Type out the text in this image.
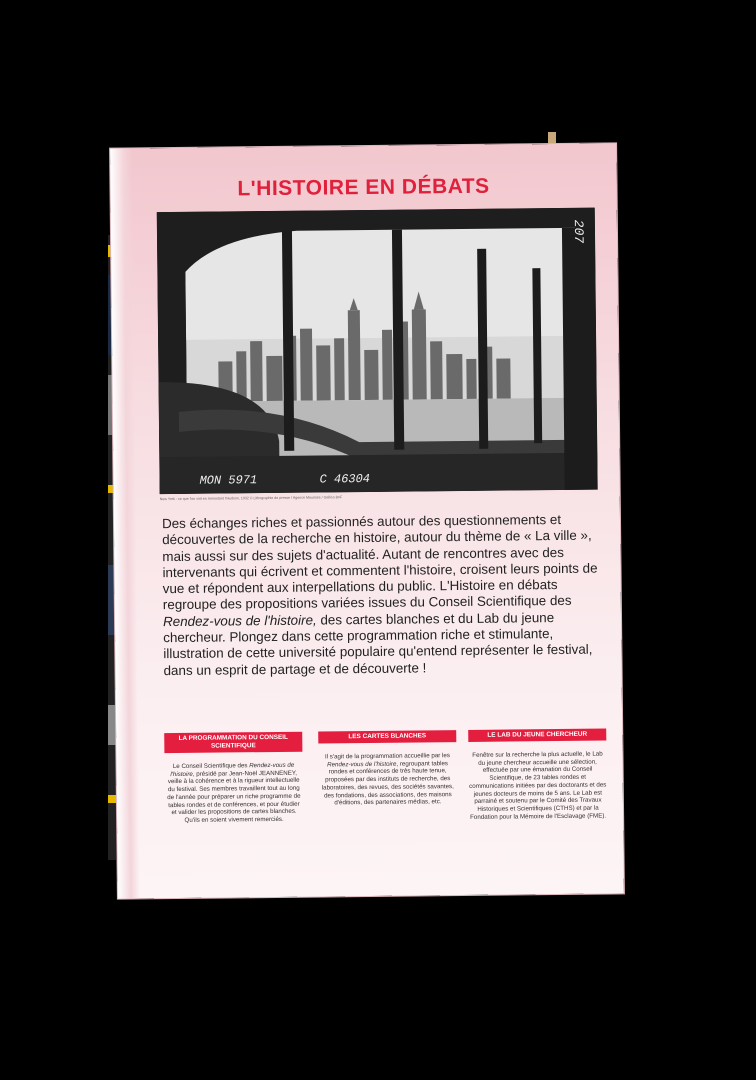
L'HISTOIRE EN DÉBATS
MON 5971	C 46304
207
New York : ce que l'on voit en remontant l'Hudson, 1932 © Lithographie de presse / Agence Meurisse / Gallica BnF
Des échanges riches et passionnés autour des questionnements et découvertes de la recherche en histoire, autour du thème de « La ville », mais aussi sur des sujets d'actualité. Autant de rencontres avec des intervenants qui écrivent et commentent l'histoire, croisent leurs points de vue et répondent aux interpellations du public. L'Histoire en débats regroupe des propositions variées issues du Conseil Scientifique des Rendez-vous de l'histoire, des cartes blanches et du Lab du jeune chercheur. Plongez dans cette programmation riche et stimulante, illustration de cette université populaire qu'entend représenter le festival, dans un esprit de partage et de découverte !
LA PROGRAMMATION DU CONSEIL SCIENTIFIQUE
Le Conseil Scientifique des Rendez-vous de l'histoire, présidé par Jean-Noël JEANNENEY, veille à la cohérence et à la rigueur intellectuelle du festival. Ses membres travaillent tout au long de l'année pour préparer un riche programme de tables rondes et de conférences, et pour étudier et valider les propositions de cartes blanches. Qu'ils en soient vivement remerciés.
LES CARTES BLANCHES
Il s'agit de la programmation accueillie par les Rendez-vous de l'histoire, regroupant tables rondes et conférences de très haute tenue, proposées par des instituts de recherche, des laboratoires, des revues, des sociétés savantes, des fondations, des associations, des maisons d'éditions, des partenaires médias, etc.
LE LAB DU JEUNE CHERCHEUR
Fenêtre sur la recherche la plus actuelle, le Lab du jeune chercheur accueille une sélection, effectuée par une émanation du Conseil Scientifique, de 23 tables rondes et communications initiées par des doctorants et des jeunes docteurs de moins de 5 ans. Le Lab est parrainé et soutenu par le Comité des Travaux Historiques et Scientifiques (CTHS) et par la Fondation pour la Mémoire de l'Esclavage (FME).
